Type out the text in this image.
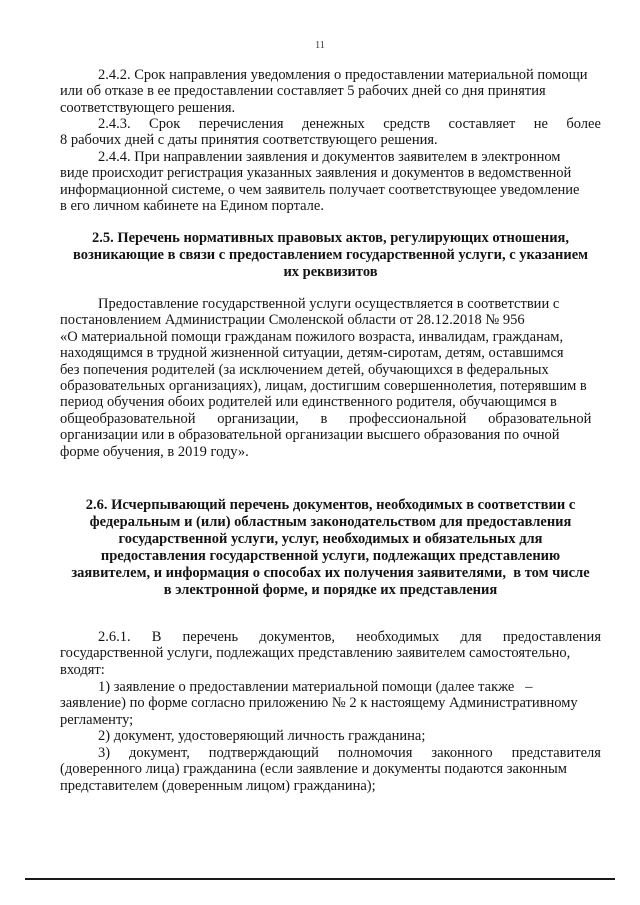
11
2.4.2. Срок направления уведомления о предоставлении материальной помощи
или об отказе в ее предоставлении составляет 5 рабочих дней со дня принятия
соответствующего решения.
2.4.3. Срок перечисления денежных средств составляет не более
8 рабочих дней с даты принятия соответствующего решения.
2.4.4. При направлении заявления и документов заявителем в электронном
виде происходит регистрация указанных заявления и документов в ведомственной
информационной системе, о чем заявитель получает соответствующее уведомление
в его личном кабинете на Едином портале.
2.5. Перечень нормативных правовых актов, регулирующих отношения,
возникающие в связи с предоставлением государственной услуги, с указанием
их реквизитов
Предоставление государственной услуги осуществляется в соответствии с
постановлением Администрации Смоленской области от 28.12.2018 № 956
«О материальной помощи гражданам пожилого возраста, инвалидам, гражданам,
находящимся в трудной жизненной ситуации, детям-сиротам, детям, оставшимся
без попечения родителей (за исключением детей, обучающихся в федеральных
образовательных организациях), лицам, достигшим совершеннолетия, потерявшим в
период обучения обоих родителей или единственного родителя, обучающимся в
общеобразовательной      организации,      в      профессиональной      образовательной
организации или в образовательной организации высшего образования по очной
форме обучения, в 2019 году».
2.6. Исчерпывающий перечень документов, необходимых в соответствии с
федеральным и (или) областным законодательством для предоставления
государственной услуги, услуг, необходимых и обязательных для
предоставления государственной услуги, подлежащих представлению
заявителем, и информация о способах их получения заявителями,  в том числе
в электронной форме, и порядке их представления
2.6.1. В перечень документов, необходимых для предоставления
государственной услуги, подлежащих представлению заявителем самостоятельно,
входят:
1) заявление о предоставлении материальной помощи (далее также   –
заявление) по форме согласно приложению № 2 к настоящему Административному
регламенту;
2) документ, удостоверяющий личность гражданина;
3) документ, подтверждающий полномочия законного представителя
(доверенного лица) гражданина (если заявление и документы подаются законным
представителем (доверенным лицом) гражданина);
